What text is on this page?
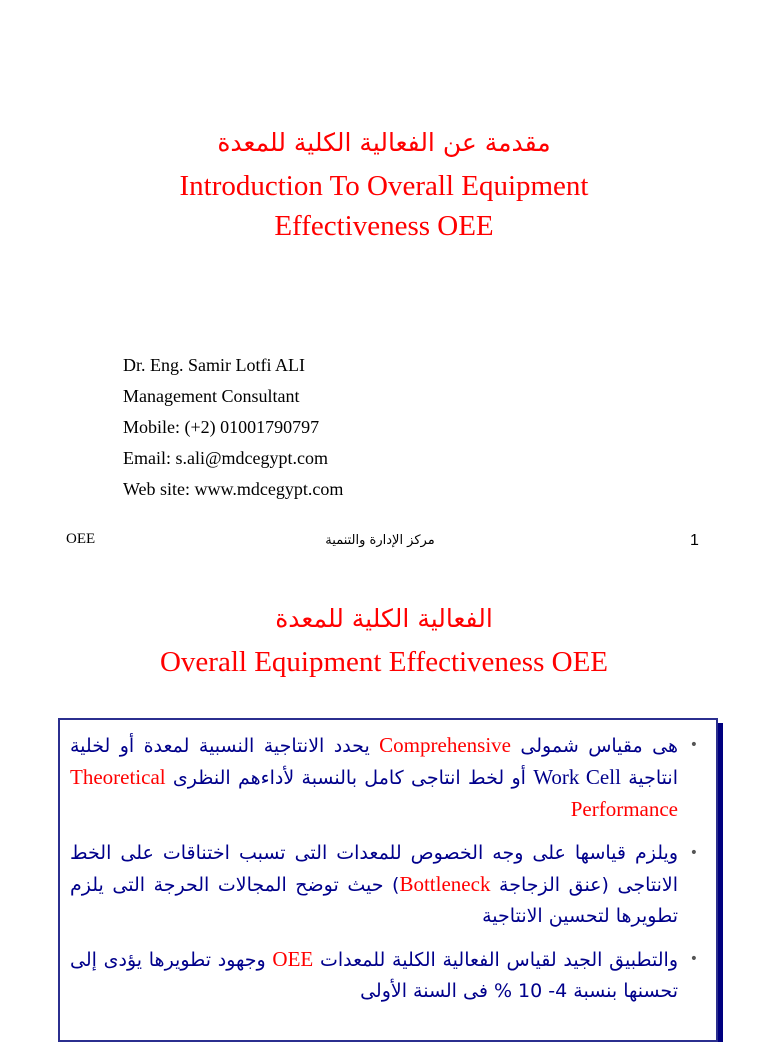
مقدمة عن الفعالية الكلية للمعدة
Introduction To Overall Equipment
Effectiveness OEE
Dr. Eng. Samir Lotfi ALI
Management Consultant
Mobile: (+2) 01001790797
Email: s.ali@mdcegypt.com
Web site: www.mdcegypt.com
OEE	مركز الإدارة والتنمية	1
الفعالية الكلية للمعدة
Overall Equipment Effectiveness OEE
•
هى مقياس شمولى Comprehensive يحدد الانتاجية النسبية لمعدة أو لخلية انتاجية Work Cell أو لخط انتاجى كامل بالنسبة لأداءهم النظرى Theoretical Performance
•
ويلزم قياسها على وجه الخصوص للمعدات التى تسبب اختناقات على الخط الانتاجى (عنق الزجاجة Bottleneck) حيث توضح المجالات الحرجة التى يلزم تطويرها لتحسين الانتاجية
•
والتطبيق الجيد لقياس الفعالية الكلية للمعدات OEE وجهود تطويرها يؤدى إلى تحسنها بنسبة 4- 10 % فى السنة الأولى
